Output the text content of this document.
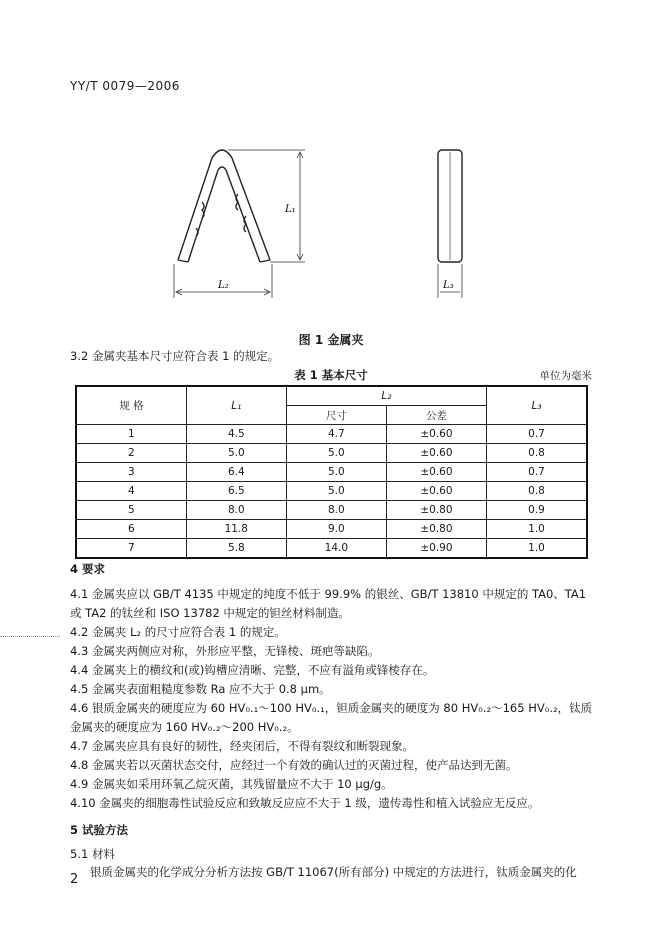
YY/T 0079—2006
L₁
L₂	L₃
图 1 金属夹
3.2 金属夹基本尺寸应符合表 1 的规定。
表 1 基本尺寸	单位为毫米
规 格	L₁	L₂		L₃
		尺寸	公差	
1	4.5	4.7	±0.60	0.7
2	5.0	5.0	±0.60	0.8
3	6.4	5.0	±0.60	0.7
4	6.5	5.0	±0.60	0.8
5	8.0	8.0	±0.80	0.9
6	11.8	9.0	±0.80	1.0
7	5.8	14.0	±0.90	1.0
4 要求
4.1 金属夹应以 GB/T 4135 中规定的纯度不低于 99.9% 的银丝、GB/T 13810 中规定的 TA0、TA1
或 TA2 的钛丝和 ISO 13782 中规定的钽丝材料制造。
4.2 金属夹 L₂ 的尺寸应符合表 1 的规定。
4.3 金属夹两侧应对称，外形应平整，无锋棱、斑疤等缺陷。
4.4 金属夹上的横纹和(或)钩槽应清晰、完整，不应有溢角或锋棱存在。
4.5 金属夹表面粗糙度参数 Ra 应不大于 0.8 μm。
4.6 银质金属夹的硬度应为 60 HV₀.₁～100 HV₀.₁，钽质金属夹的硬度为 80 HV₀.₂～165 HV₀.₂，钛质
金属夹的硬度应为 160 HV₀.₂～200 HV₀.₂。
4.7 金属夹应具有良好的韧性，经夹闭后，不得有裂纹和断裂现象。
4.8 金属夹若以灭菌状态交付，应经过一个有效的确认过的灭菌过程，使产品达到无菌。
4.9 金属夹如采用环氧乙烷灭菌，其残留量应不大于 10 μg/g。
4.10 金属夹的细胞毒性试验反应和致敏反应应不大于 1 级，遗传毒性和植入试验应无反应。
5 试验方法
5.1 材料
银质金属夹的化学成分分析方法按 GB/T 11067(所有部分) 中规定的方法进行，钛质金属夹的化
2
